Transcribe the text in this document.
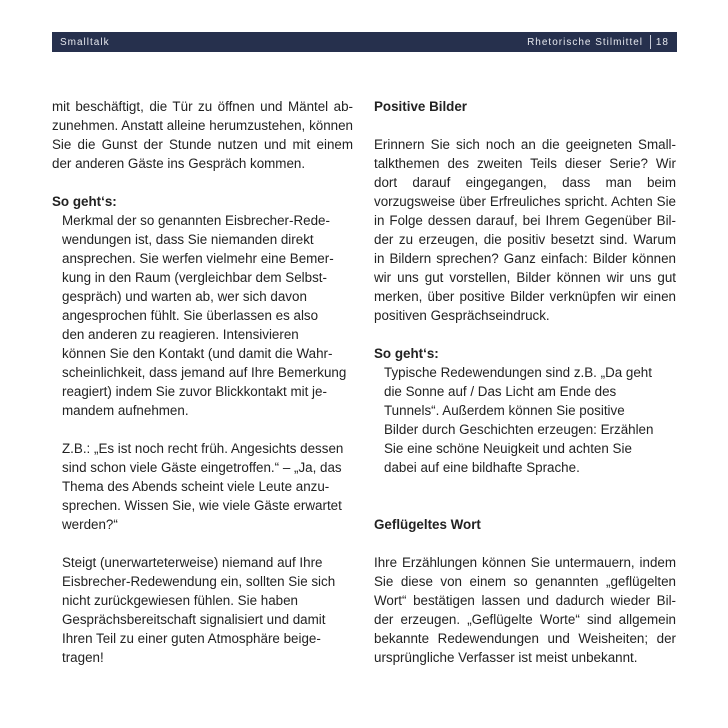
Smalltalk	Rhetorische Stilmittel 18
mit beschäftigt, die Tür zu öffnen und Mäntel ab-
zunehmen. Anstatt alleine herumzustehen, können
Sie die Gunst der Stunde nutzen und mit einem
der anderen Gäste ins Gespräch kommen.
So geht‘s:
Merkmal der so genannten Eisbrecher-Rede-
wendungen ist, dass Sie niemanden direkt
ansprechen. Sie werfen vielmehr eine Bemer-
kung in den Raum (vergleichbar dem Selbst-
gespräch) und warten ab, wer sich davon
angesprochen fühlt. Sie überlassen es also
den anderen zu reagieren. Intensivieren
können Sie den Kontakt (und damit die Wahr-
scheinlichkeit, dass jemand auf Ihre Bemerkung
reagiert) indem Sie zuvor Blickkontakt mit je-
mandem aufnehmen.
Z.B.: „Es ist noch recht früh. Angesichts dessen
sind schon viele Gäste eingetroffen.“ – „Ja, das
Thema des Abends scheint viele Leute anzu-
sprechen. Wissen Sie, wie viele Gäste erwartet
werden?“
Steigt (unerwarteterweise) niemand auf Ihre
Eisbrecher-Redewendung ein, sollten Sie sich
nicht zurückgewiesen fühlen. Sie haben
Gesprächsbereitschaft signalisiert und damit
Ihren Teil zu einer guten Atmosphäre beige-
tragen!
Positive Bilder
Erinnern Sie sich noch an die geeigneten Small-
talkthemen des zweiten Teils dieser Serie? Wir
dort darauf eingegangen, dass man beim
vorzugsweise über Erfreuliches spricht. Achten Sie
in Folge dessen darauf, bei Ihrem Gegenüber Bil-
der zu erzeugen, die positiv besetzt sind. Warum
in Bildern sprechen? Ganz einfach: Bilder können
wir uns gut vorstellen, Bilder können wir uns gut
merken, über positive Bilder verknüpfen wir einen
positiven Gesprächseindruck.
So geht‘s:
Typische Redewendungen sind z.B. „Da geht
die Sonne auf / Das Licht am Ende des
Tunnels“. Außerdem können Sie positive
Bilder durch Geschichten erzeugen: Erzählen
Sie eine schöne Neuigkeit und achten Sie
dabei auf eine bildhafte Sprache.
Geflügeltes Wort
Ihre Erzählungen können Sie untermauern, indem
Sie diese von einem so genannten „geflügelten
Wort“ bestätigen lassen und dadurch wieder Bil-
der erzeugen. „Geflügelte Worte“ sind allgemein
bekannte Redewendungen und Weisheiten; der
ursprüngliche Verfasser ist meist unbekannt.
